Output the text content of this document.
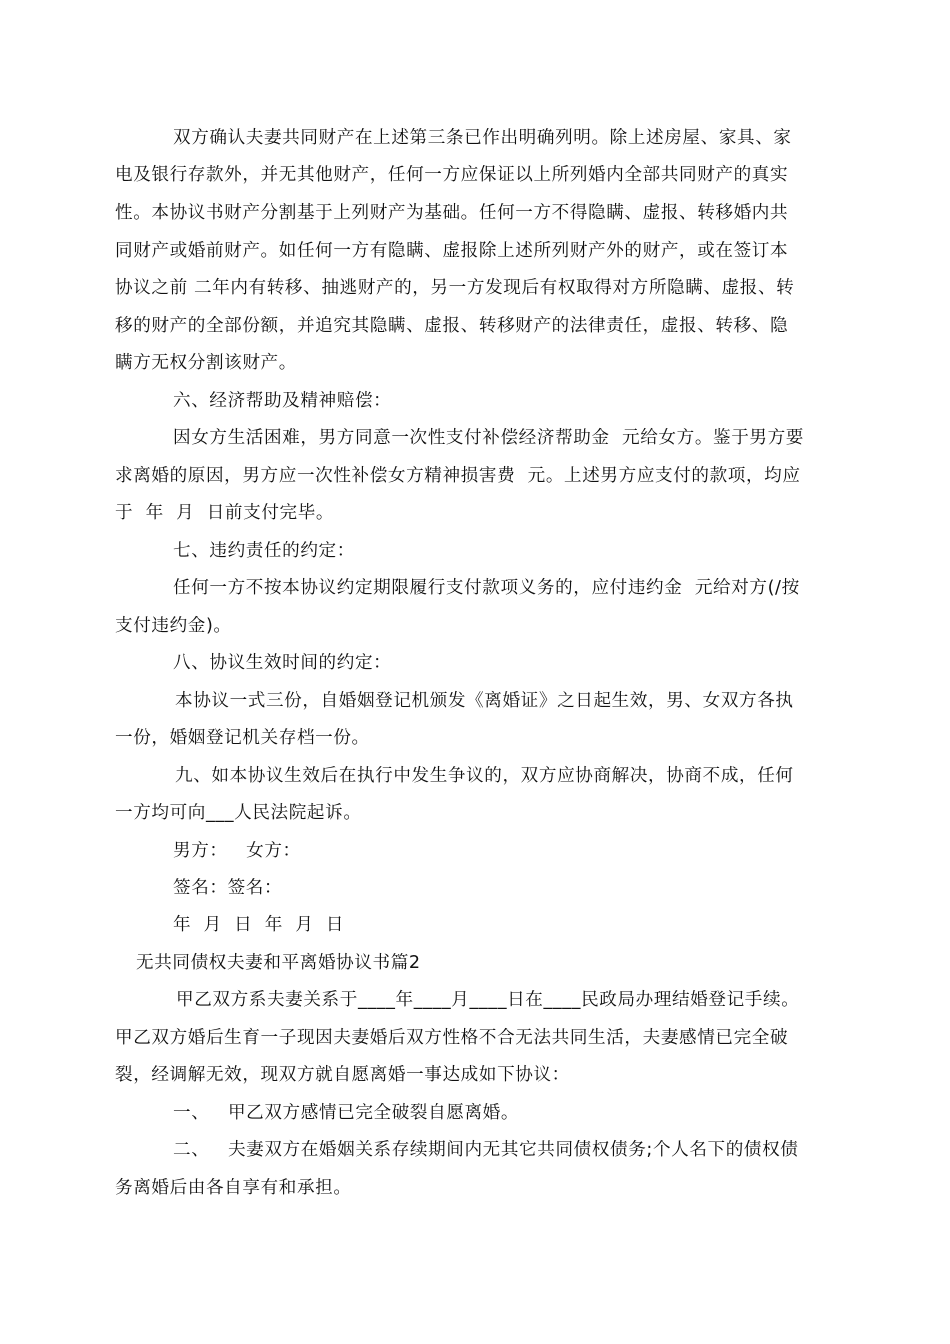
双方确认夫妻共同财产在上述第三条已作出明确列明。除上述房屋、家具、家
电及银行存款外，并无其他财产，任何一方应保证以上所列婚内全部共同财产的真实
性。本协议书财产分割基于上列财产为基础。任何一方不得隐瞒、虚报、转移婚内共
同财产或婚前财产。如任何一方有隐瞒、虚报除上述所列财产外的财产，或在签订本
协议之前 二年内有转移、抽逃财产的，另一方发现后有权取得对方所隐瞒、虚报、转
移的财产的全部份额，并追究其隐瞒、虚报、转移财产的法律责任，虚报、转移、隐
瞒方无权分割该财产。
六、经济帮助及精神赔偿：
因女方生活困难，男方同意一次性支付补偿经济帮助金  元给女方。鉴于男方要
求离婚的原因，男方应一次性补偿女方精神损害费  元。上述男方应支付的款项，均应
于  年  月  日前支付完毕。
七、违约责任的约定：
任何一方不按本协议约定期限履行支付款项义务的，应付违约金  元给对方(/按
支付违约金)。
八、协议生效时间的约定：
本协议一式三份，自婚姻登记机颁发《离婚证》之日起生效，男、女双方各执
一份，婚姻登记机关存档一份。
九、如本协议生效后在执行中发生争议的，双方应协商解决，协商不成，任何
一方均可向___人民法院起诉。
男方：   女方：
签名：签名：
年  月  日  年  月  日
无共同债权夫妻和平离婚协议书篇2
甲乙双方系夫妻关系于____年____月____日在____民政局办理结婚登记手续。
甲乙双方婚后生育一子现因夫妻婚后双方性格不合无法共同生活，夫妻感情已完全破
裂，经调解无效，现双方就自愿离婚一事达成如下协议：
一、   甲乙双方感情已完全破裂自愿离婚。
二、   夫妻双方在婚姻关系存续期间内无其它共同债权债务;个人名下的债权债
务离婚后由各自享有和承担。
